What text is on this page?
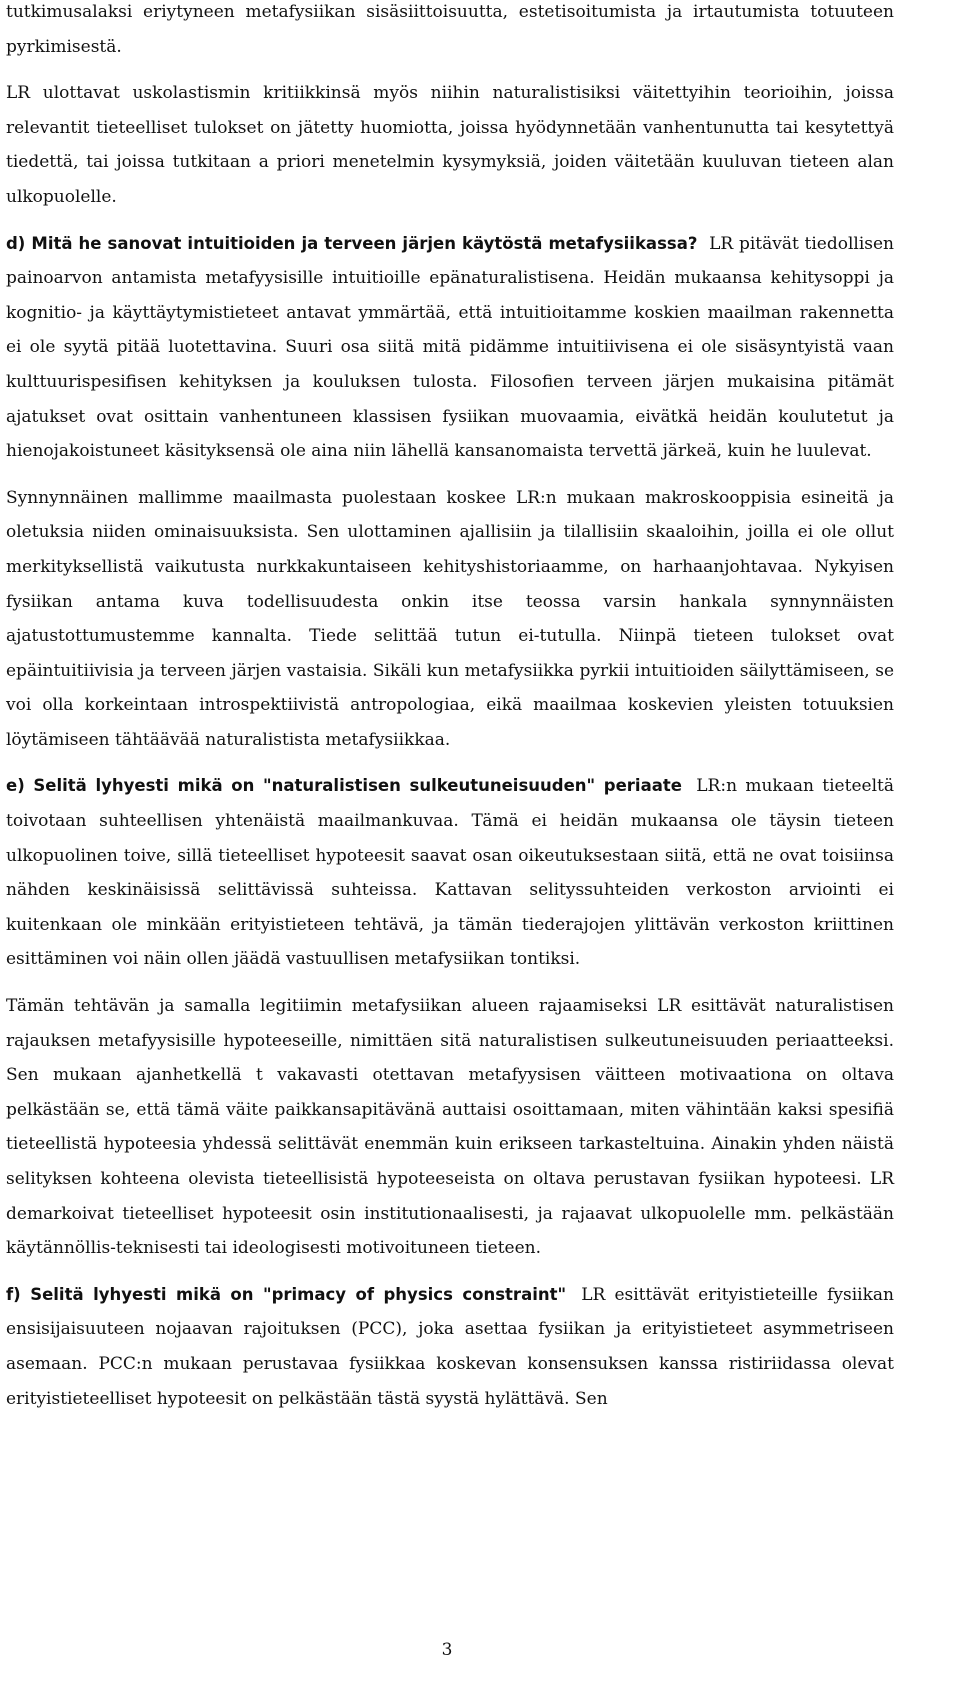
tutkimusalaksi eriytyneen metafysiikan sisäsiittoisuutta, estetisoitumista ja irtautumista totuuteen pyrkimisestä.

LR ulottavat uskolastismin kritiikkinsä myös niihin naturalistisiksi väitettyihin teorioihin, joissa relevantit tieteelliset tulokset on jätetty huomiotta, joissa hyödynnetään vanhentunutta tai kesytettyä tiedettä, tai joissa tutkitaan a priori menetelmin kysymyksiä, joiden väitetään kuuluvan tieteen alan ulkopuolelle.

d) Mitä he sanovat intuitioiden ja terveen järjen käytöstä metafysiikassa? LR pitävät tiedollisen painoarvon antamista metafyysisille intuitioille epänaturalistisena. Heidän mukaansa kehitysoppi ja kognitio- ja käyttäytymistieteet antavat ymmärtää, että intuitioitamme koskien maailman rakennetta ei ole syytä pitää luotettavina. Suuri osa siitä mitä pidämme intuitiivisena ei ole sisäsyntyistä vaan kulttuurispesifisen kehityksen ja kouluksen tulosta. Filosofien terveen järjen mukaisina pitämät ajatukset ovat osittain vanhentuneen klassisen fysiikan muovaamia, eivätkä heidän koulutetut ja hienojakoistuneet käsityksensä ole aina niin lähellä kansanomaista tervettä järkeä, kuin he luulevat.

Synnynnäinen mallimme maailmasta puolestaan koskee LR:n mukaan makroskooppisia esineitä ja oletuksia niiden ominaisuuksista. Sen ulottaminen ajallisiin ja tilallisiin skaaloihin, joilla ei ole ollut merkityksellistä vaikutusta nurkkakuntaiseen kehityshistoriaamme, on harhaanjohtavaa. Nykyisen fysiikan antama kuva todellisuudesta onkin itse teossa varsin hankala synnynnäisten ajatustottumustemme kannalta. Tiede selittää tutun ei-tutulla. Niinpä tieteen tulokset ovat epäintuitiivisia ja terveen järjen vastaisia. Sikäli kun metafysiikka pyrkii intuitioiden säilyttämiseen, se voi olla korkeintaan introspektiivistä antropologiaa, eikä maailmaa koskevien yleisten totuuksien löytämiseen tähtäävää naturalistista metafysiikkaa.

e) Selitä lyhyesti mikä on "naturalistisen sulkeutuneisuuden" periaate LR:n mukaan tieteeltä toivotaan suhteellisen yhtenäistä maailmankuvaa. Tämä ei heidän mukaansa ole täysin tieteen ulkopuolinen toive, sillä tieteelliset hypoteesit saavat osan oikeutuksestaan siitä, että ne ovat toisiinsa nähden keskinäisissä selittävissä suhteissa. Kattavan selityssuhteiden verkoston arviointi ei kuitenkaan ole minkään erityistieteen tehtävä, ja tämän tiederajojen ylittävän verkoston kriittinen esittäminen voi näin ollen jäädä vastuullisen metafysiikan tontiksi.

Tämän tehtävän ja samalla legitiimin metafysiikan alueen rajaamiseksi LR esittävät naturalistisen rajauksen metafyysisille hypoteeseille, nimittäen sitä naturalistisen sulkeutuneisuuden periaatteeksi. Sen mukaan ajanhetkellä t vakavasti otettavan metafyysisen väitteen motivaationa on oltava pelkästään se, että tämä väite paikkansapitävänä auttaisi osoittamaan, miten vähintään kaksi spesifiä tieteellistä hypoteesia yhdessä selittävät enemmän kuin erikseen tarkasteltuina. Ainakin yhden näistä selityksen kohteena olevista tieteellisistä hypoteeseista on oltava perustavan fysiikan hypoteesi. LR demarkoivat tieteelliset hypoteesit osin institutionaalisesti, ja rajaavat ulkopuolelle mm. pelkästään käytännöllis-teknisesti tai ideologisesti motivoituneen tieteen.

f) Selitä lyhyesti mikä on "primacy of physics constraint" LR esittävät erityistieteille fysiikan ensisijaisuuteen nojaavan rajoituksen (PCC), joka asettaa fysiikan ja erityistieteet asymmetriseen asemaan. PCC:n mukaan perustavaa fysiikkaa koskevan konsensuksen kanssa ristiriidassa olevat erityistieteelliset hypoteesit on pelkästään tästä syystä hylättävä. Sen

3
